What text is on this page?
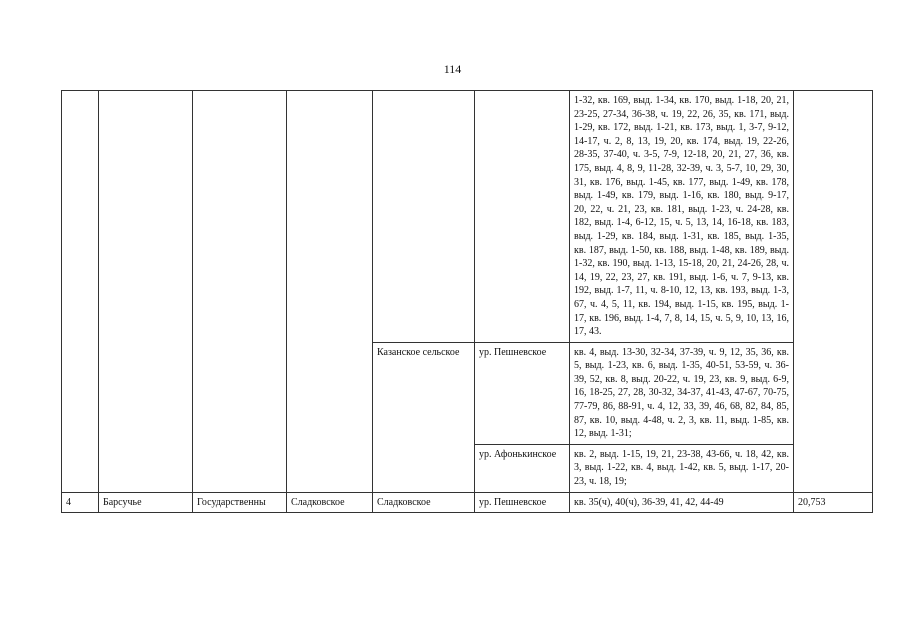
114
						1-32, кв. 169, выд. 1-34, кв. 170, выд. 1-18, 20, 21, 23-25, 27-34, 36-38, ч. 19, 22, 26, 35, кв. 171, выд. 1-29, кв. 172, выд. 1-21, кв. 173, выд. 1, 3-7, 9-12, 14-17, ч. 2, 8, 13, 19, 20, кв. 174, выд. 19, 22-26, 28-35, 37-40, ч. 3-5, 7-9, 12-18, 20, 21, 27, 36, кв. 175, выд. 4, 8, 9, 11-28, 32-39, ч. 3, 5-7, 10, 29, 30, 31, кв. 176, выд. 1-45, кв. 177, выд. 1-49, кв. 178, выд. 1-49, кв. 179, выд. 1-16, кв. 180, выд. 9-17, 20, 22, ч. 21, 23, кв. 181, выд. 1-23, ч. 24-28, кв. 182, выд. 1-4, 6-12, 15, ч. 5, 13, 14, 16-18, кв. 183, выд. 1-29, кв. 184, выд. 1-31, кв. 185, выд. 1-35, кв. 187, выд. 1-50, кв. 188, выд. 1-48, кв. 189, выд. 1-32, кв. 190, выд. 1-13, 15-18, 20, 21, 24-26, 28, ч. 14, 19, 22, 23, 27, кв. 191, выд. 1-6, ч. 7, 9-13, кв. 192, выд. 1-7, 11, ч. 8-10, 12, 13, кв. 193, выд. 1-3, 67, ч. 4, 5, 11, кв. 194, выд. 1-15, кв. 195, выд. 1-17, кв. 196, выд. 1-4, 7, 8, 14, 15, ч. 5, 9, 10, 13, 16, 17, 43.	
				Казанское сельское	ур. Пешневское	кв. 4, выд. 13-30, 32-34, 37-39, ч. 9, 12, 35, 36, кв. 5, выд. 1-23, кв. 6, выд. 1-35, 40-51, 53-59, ч. 36-39, 52, кв. 8, выд. 20-22, ч. 19, 23, кв. 9, выд. 6-9, 16, 18-25, 27, 28, 30-32, 34-37, 41-43, 47-67, 70-75, 77-79, 86, 88-91, ч. 4, 12, 33, 39, 46, 68, 82, 84, 85, 87, кв. 10, выд. 4-48, ч. 2, 3, кв. 11, выд. 1-85, кв. 12, выд. 1-31;	
					ур. Афонькинское	кв. 2, выд. 1-15, 19, 21, 23-38, 43-66, ч. 18, 42, кв. 3, выд. 1-22, кв. 4, выд. 1-42, кв. 5, выд. 1-17, 20-23, ч. 18, 19;	
4	Барсучье	Государственны	Сладковское	Сладковское	ур. Пешневское	кв. 35(ч), 40(ч), 36-39, 41, 42, 44-49	20,753
